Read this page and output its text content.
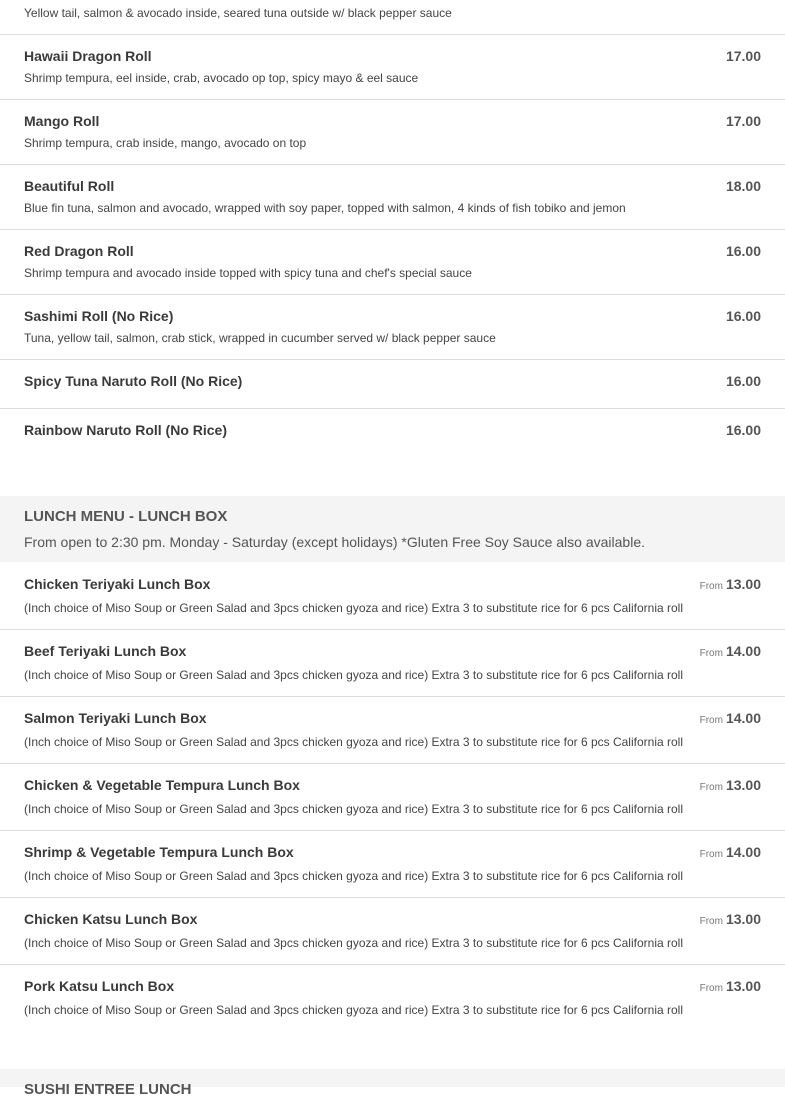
Yellow tail, salmon & avocado inside, seared tuna outside w/ black pepper sauce
Hawaii Dragon Roll	17.00
Shrimp tempura, eel inside, crab, avocado op top, spicy mayo & eel sauce
Mango Roll	17.00
Shrimp tempura, crab inside, mango, avocado on top
Beautiful Roll	18.00
Blue fin tuna, salmon and avocado, wrapped with soy paper, topped with salmon, 4 kinds of fish tobiko and jemon
Red Dragon Roll	16.00
Shrimp tempura and avocado inside topped with spicy tuna and chef's special sauce
Sashimi Roll (No Rice)	16.00
Tuna, yellow tail, salmon, crab stick, wrapped in cucumber served w/ black pepper sauce
Spicy Tuna Naruto Roll (No Rice)	16.00
Rainbow Naruto Roll (No Rice)	16.00
LUNCH MENU - LUNCH BOX
From open to 2:30 pm. Monday - Saturday (except holidays) *Gluten Free Soy Sauce also available.
Chicken Teriyaki Lunch Box	From 13.00
(Inch choice of Miso Soup or Green Salad and 3pcs chicken gyoza and rice) Extra 3 to substitute rice for 6 pcs California roll
Beef Teriyaki Lunch Box	From 14.00
(Inch choice of Miso Soup or Green Salad and 3pcs chicken gyoza and rice) Extra 3 to substitute rice for 6 pcs California roll
Salmon Teriyaki Lunch Box	From 14.00
(Inch choice of Miso Soup or Green Salad and 3pcs chicken gyoza and rice) Extra 3 to substitute rice for 6 pcs California roll
Chicken & Vegetable Tempura Lunch Box	From 13.00
(Inch choice of Miso Soup or Green Salad and 3pcs chicken gyoza and rice) Extra 3 to substitute rice for 6 pcs California roll
Shrimp & Vegetable Tempura Lunch Box	From 14.00
(Inch choice of Miso Soup or Green Salad and 3pcs chicken gyoza and rice) Extra 3 to substitute rice for 6 pcs California roll
Chicken Katsu Lunch Box	From 13.00
(Inch choice of Miso Soup or Green Salad and 3pcs chicken gyoza and rice) Extra 3 to substitute rice for 6 pcs California roll
Pork Katsu Lunch Box	From 13.00
(Inch choice of Miso Soup or Green Salad and 3pcs chicken gyoza and rice) Extra 3 to substitute rice for 6 pcs California roll
SUSHI ENTREE LUNCH
